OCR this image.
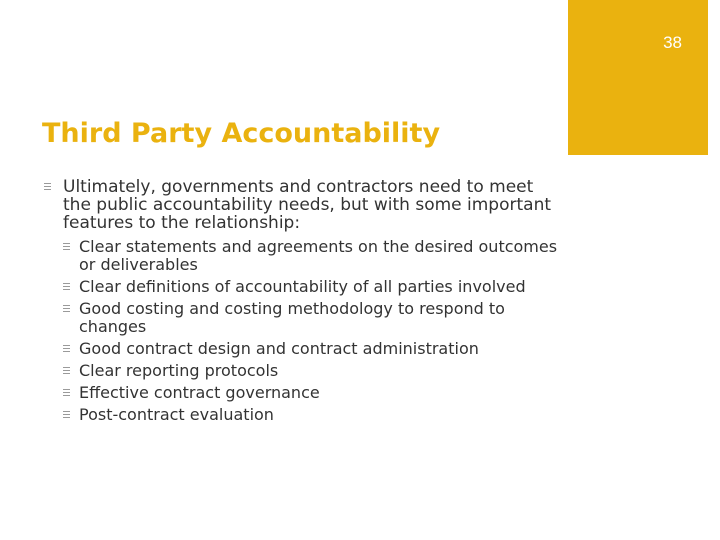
38
Third Party Accountability
Ultimately, governments and contractors need to meet the public accountability needs, but with some important features to the relationship:
Clear statements and agreements on the desired outcomes or deliverables
Clear definitions of accountability of all parties involved
Good costing and costing methodology to respond to changes
Good contract design and contract administration
Clear reporting protocols
Effective contract governance
Post-contract evaluation
